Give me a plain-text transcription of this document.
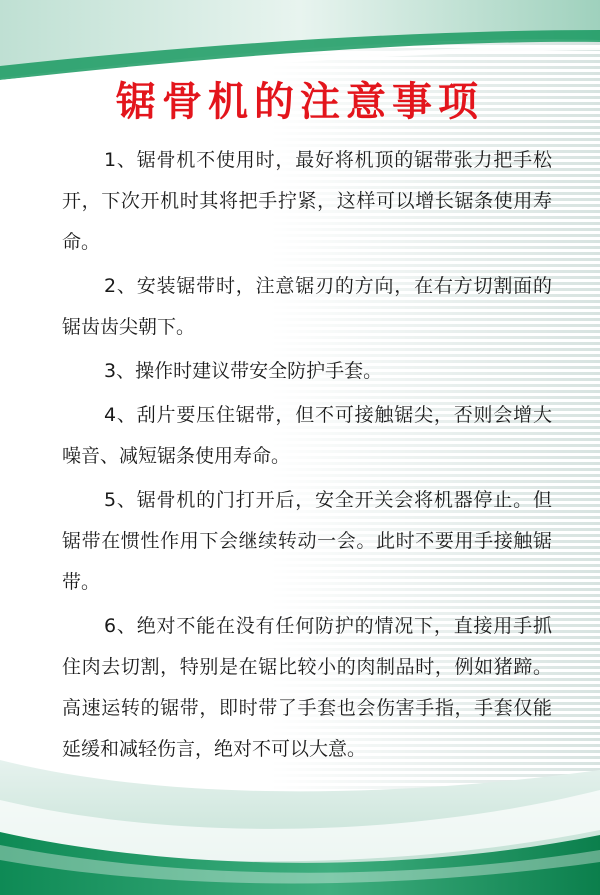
锯骨机的注意事项

1、锯骨机不使用时，最好将机顶的锯带张力把手松开，下次开机时其将把手拧紧，这样可以增长锯条使用寿命。

2、安装锯带时，注意锯刃的方向，在右方切割面的锯齿齿尖朝下。

3、操作时建议带安全防护手套。

4、刮片要压住锯带，但不可接触锯尖，否则会增大噪音、减短锯条使用寿命。

5、锯骨机的门打开后，安全开关会将机器停止。但锯带在惯性作用下会继续转动一会。此时不要用手接触锯带。

6、绝对不能在没有任何防护的情况下，直接用手抓住肉去切割，特别是在锯比较小的肉制品时，例如猪蹄。高速运转的锯带，即时带了手套也会伤害手指，手套仅能延缓和减轻伤言，绝对不可以大意。
